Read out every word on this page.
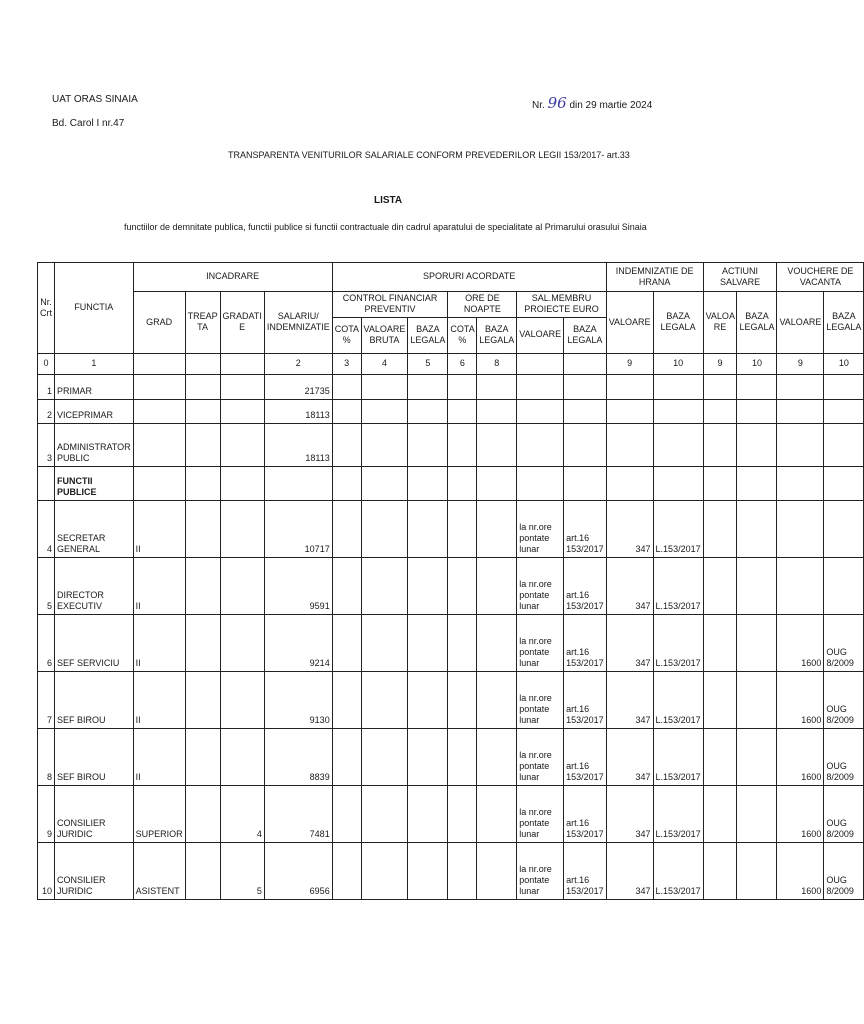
UAT ORAS SINAIA
Bd. Carol I nr.47
Nr. 96 din 29 martie 2024
TRANSPARENTA VENITURILOR SALARIALE CONFORM PREVEDERILOR LEGII 153/2017- art.33
LISTA
functiilor de demnitate publica, functii publice si functii contractuale din cadrul aparatului de specialitate al Primarului orasului Sinaia
Nr. Crt	FUNCTIA	INCADRARE				SPORURI ACORDATE							INDEMNIZATIE DE HRANA		ACTIUNI SALVARE		VOUCHERE DE VACANTA	
		GRAD	TREAP TA	GRADATI E	SALARIU/ INDEMNIZATIE	CONTROL FINANCIAR PREVENTIV			ORE DE NOAPTE		SAL.MEMBRU PROIECTE EURO		VALOARE	BAZA LEGALA	VALOA RE	BAZA LEGALA	VALOARE	BAZA LEGALA
						COTA %	VALOARE BRUTA	BAZA LEGALA	COTA %	BAZA LEGALA	VALOARE	BAZA LEGALA						
0	1				2	3	4	5	6	8			9	10	9	10	9	10
1	PRIMAR				21735													
2	VICEPRIMAR				18113													
3	ADMINISTRATOR PUBLIC				18113													
	FUNCTII PUBLICE																	
4	SECRETAR GENERAL	II			10717						la nr.ore pontate lunar	art.16 153/2017	347	L.153/2017				
5	DIRECTOR EXECUTIV	II			9591						la nr.ore pontate lunar	art.16 153/2017	347	L.153/2017				
6	SEF SERVICIU	II			9214						la nr.ore pontate lunar	art.16 153/2017	347	L.153/2017			1600	OUG 8/2009
7	SEF BIROU	II			9130						la nr.ore pontate lunar	art.16 153/2017	347	L.153/2017			1600	OUG 8/2009
8	SEF BIROU	II			8839						la nr.ore pontate lunar	art.16 153/2017	347	L.153/2017			1600	OUG 8/2009
9	CONSILIER JURIDIC	SUPERIOR		4	7481						la nr.ore pontate lunar	art.16 153/2017	347	L.153/2017			1600	OUG 8/2009
10	CONSILIER JURIDIC	ASISTENT		5	6956						la nr.ore pontate lunar	art.16 153/2017	347	L.153/2017			1600	OUG 8/2009
